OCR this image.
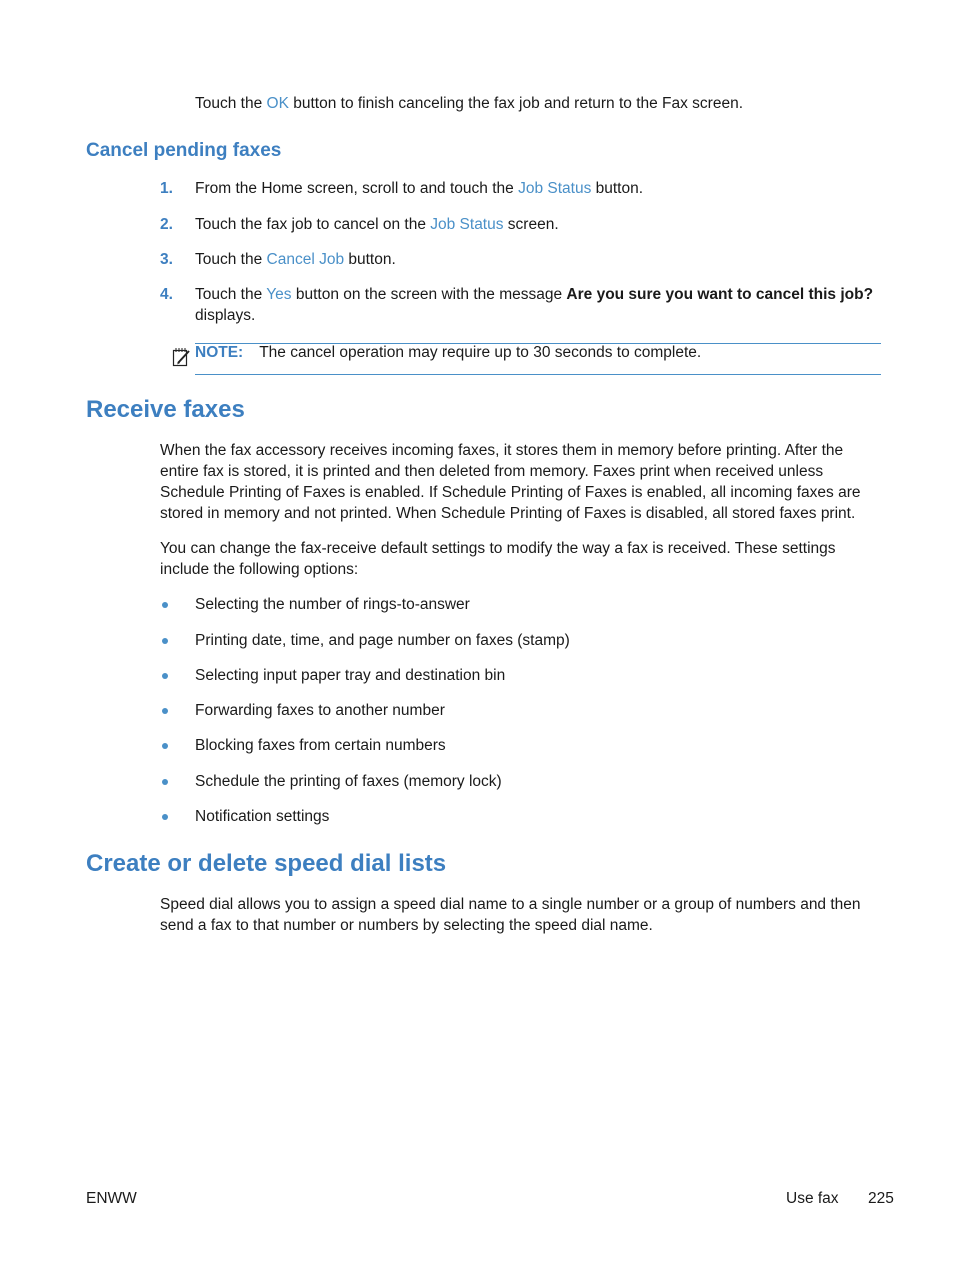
Touch the OK button to finish canceling the fax job and return to the Fax screen.
Cancel pending faxes
1.	From the Home screen, scroll to and touch the Job Status button.
2.	Touch the fax job to cancel on the Job Status screen.
3.	Touch the Cancel Job button.
4.	Touch the Yes button on the screen with the message Are you sure you want to cancel this job? displays.
NOTE: The cancel operation may require up to 30 seconds to complete.
Receive faxes
When the fax accessory receives incoming faxes, it stores them in memory before printing. After the entire fax is stored, it is printed and then deleted from memory. Faxes print when received unless Schedule Printing of Faxes is enabled. If Schedule Printing of Faxes is enabled, all incoming faxes are stored in memory and not printed. When Schedule Printing of Faxes is disabled, all stored faxes print.
You can change the fax-receive default settings to modify the way a fax is received. These settings include the following options:
Selecting the number of rings-to-answer
Printing date, time, and page number on faxes (stamp)
Selecting input paper tray and destination bin
Forwarding faxes to another number
Blocking faxes from certain numbers
Schedule the printing of faxes (memory lock)
Notification settings
Create or delete speed dial lists
Speed dial allows you to assign a speed dial name to a single number or a group of numbers and then send a fax to that number or numbers by selecting the speed dial name.
ENWW	Use fax 225
